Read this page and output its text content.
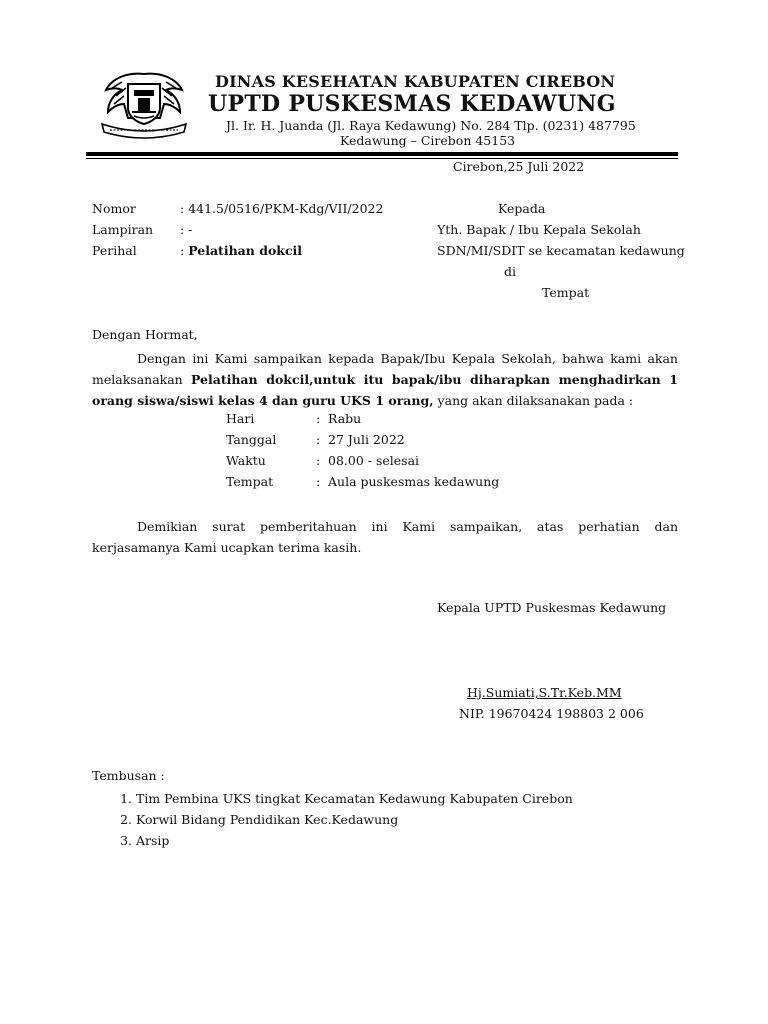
DINAS KESEHATAN KABUPATEN CIREBON
UPTD PUSKESMAS KEDAWUNG
Jl. Ir. H. Juanda (Jl. Raya Kedawung) No. 284 Tlp. (0231) 487795
Kedawung – Cirebon 45153
Cirebon,25 Juli 2022
Nomor	: 441.5/0516/PKM-Kdg/VII/2022
Lampiran : -
Perihal	: Pelatihan dokcil
Kepada
Yth. Bapak / Ibu Kepala Sekolah
SDN/MI/SDIT se kecamatan kedawung
di
Tempat
Dengan Hormat,

Dengan ini Kami sampaikan kepada Bapak/Ibu Kepala Sekolah, bahwa kami akan melaksanakan Pelatihan dokcil,untuk itu bapak/ibu diharapkan menghadirkan 1 orang siswa/siswi kelas 4 dan guru UKS 1 orang, yang akan dilaksanakan pada :

Hari	: Rabu
Tanggal	: 27 Juli 2022
Waktu	: 08.00 - selesai
Tempat	: Aula puskesmas kedawung

Demikian surat pemberitahuan ini Kami sampaikan, atas perhatian dan kerjasamanya Kami ucapkan terima kasih.

Kepala UPTD Puskesmas Kedawung
Hj.Sumiati,S.Tr.Keb.MM
NIP. 19670424 198803 2 006
Tembusan :
1. Tim Pembina UKS tingkat Kecamatan Kedawung Kabupaten Cirebon
2. Korwil Bidang Pendidikan Kec.Kedawung
3. Arsip
